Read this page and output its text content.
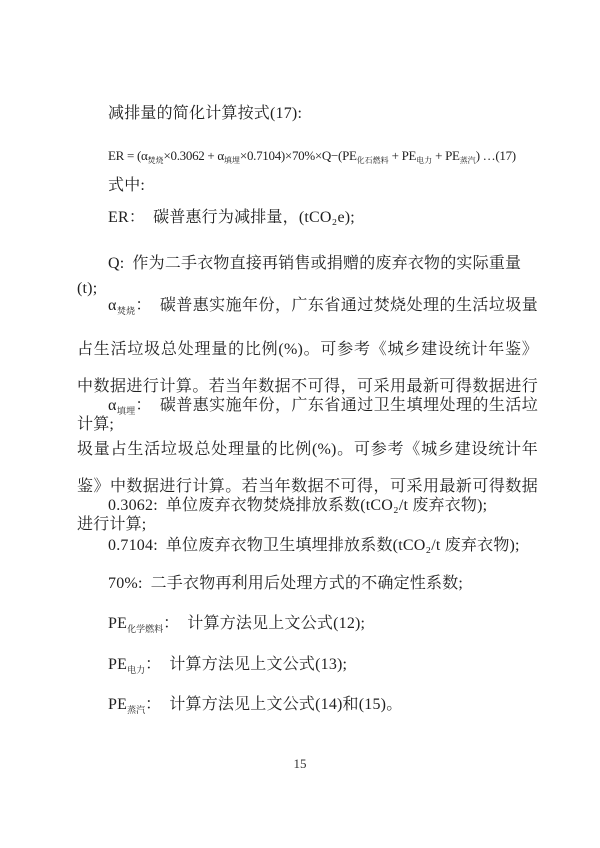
减排量的简化计算按式(17):

ER = $(\alpha_{焚烧}\times 0.3062 + \alpha_{填埋}\times 0.7104)\times 70\%\times Q-(PE_{化石燃料} + PE_{电力} + PE_{蒸汽})$ …(17)

式中:

ER： 碳普惠行为减排量，(tCO₂e);

Q: 作为二手衣物直接再销售或捐赠的废弃衣物的实际重量(t);

$\alpha_{焚烧}$： 碳普惠实施年份，广东省通过焚烧处理的生活垃圾量占生活垃圾总处理量的比例(%)。可参考《城乡建设统计年鉴》中数据进行计算。若当年数据不可得，可采用最新可得数据进行计算;

$\alpha_{填埋}$： 碳普惠实施年份，广东省通过卫生填埋处理的生活垃圾量占生活垃圾总处理量的比例(%)。可参考《城乡建设统计年鉴》中数据进行计算。若当年数据不可得，可采用最新可得数据进行计算;

0.3062: 单位废弃衣物焚烧排放系数(tCO₂/t 废弃衣物);

0.7104: 单位废弃衣物卫生填埋排放系数(tCO₂/t 废弃衣物);

70%: 二手衣物再利用后处理方式的不确定性系数;

$PE_{化学燃料}$： 计算方法见上文公式(12);

$PE_{电力}$： 计算方法见上文公式(13);

$PE_{蒸汽}$： 计算方法见上文公式(14)和(15)。

15
